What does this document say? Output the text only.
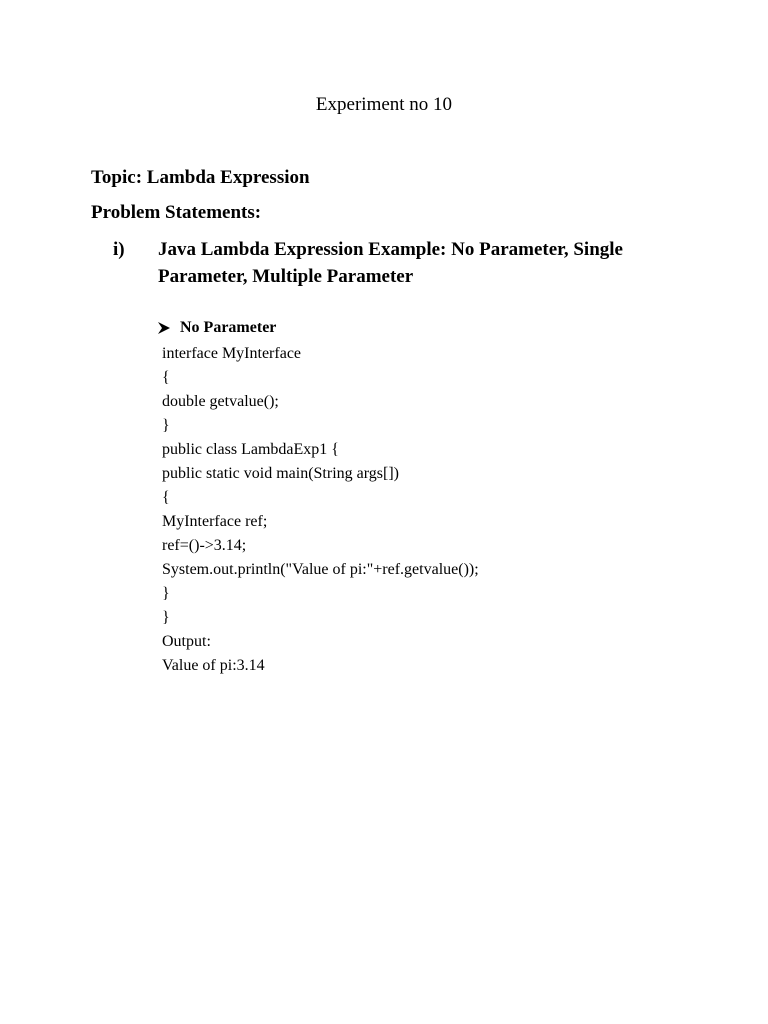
Experiment no 10
Topic: Lambda Expression
Problem Statements:
i) Java Lambda Expression Example: No Parameter, Single
Parameter, Multiple Parameter
No Parameter
interface MyInterface
{
double getvalue();
}
public class LambdaExp1 {
public static void main(String args[])
{
MyInterface ref;
ref=()->3.14;
System.out.println("Value of pi:"+ref.getvalue());
}
}
Output:
Value of pi:3.14
